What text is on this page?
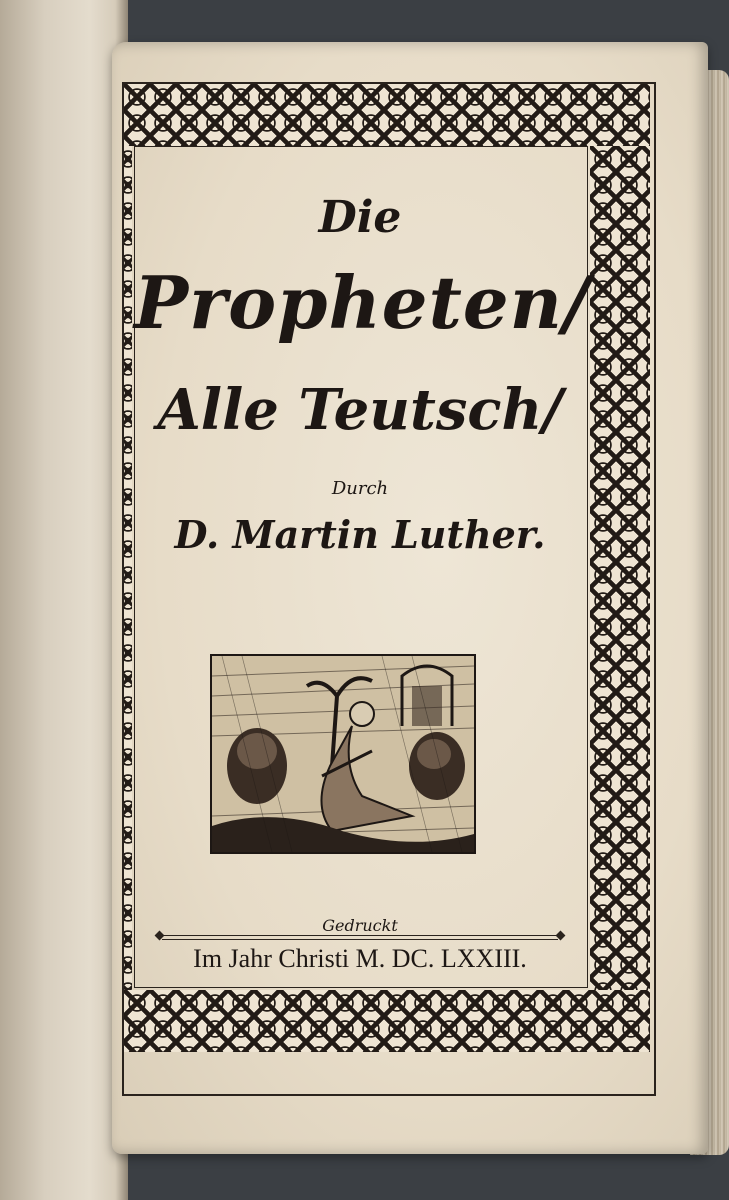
Die
Propheten/
Alle Teutsch/
Durch
D. Martin Luther.
Gedruckt
Im Jahr Christi M. DC. LXXIII.
